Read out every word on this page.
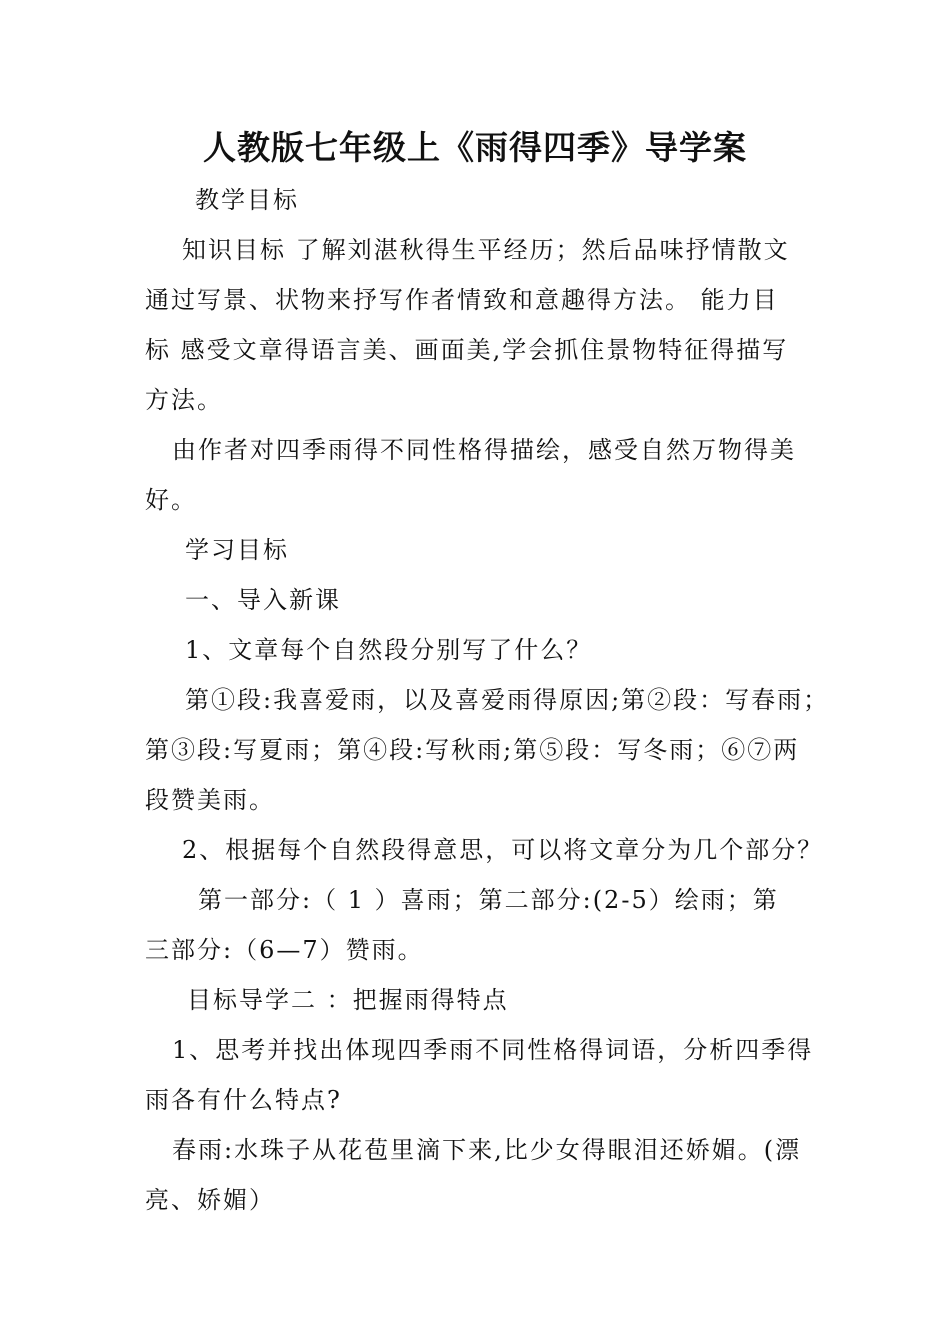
人教版七年级上《雨得四季》导学案
教学目标
知识目标 了解刘湛秋得生平经历；然后品味抒情散文
通过写景、状物来抒写作者情致和意趣得方法。 能力目
标 感受文章得语言美、画面美,学会抓住景物特征得描写
方法。
由作者对四季雨得不同性格得描绘，感受自然万物得美
好。
学习目标
一、导入新课
1、文章每个自然段分别写了什么？
第①段:我喜爱雨，以及喜爱雨得原因;第②段：写春雨；
第③段:写夏雨；第④段:写秋雨;第⑤段：写冬雨；⑥⑦两
段赞美雨。
2、根据每个自然段得意思，可以将文章分为几个部分？
第一部分:（ 1 ）喜雨；第二部分:(2-5）绘雨；第
三部分:（6—7）赞雨。
目标导学二 ：把握雨得特点
1、思考并找出体现四季雨不同性格得词语，分析四季得
雨各有什么特点?
春雨:水珠子从花苞里滴下来,比少女得眼泪还娇媚。(漂
亮、娇媚）
